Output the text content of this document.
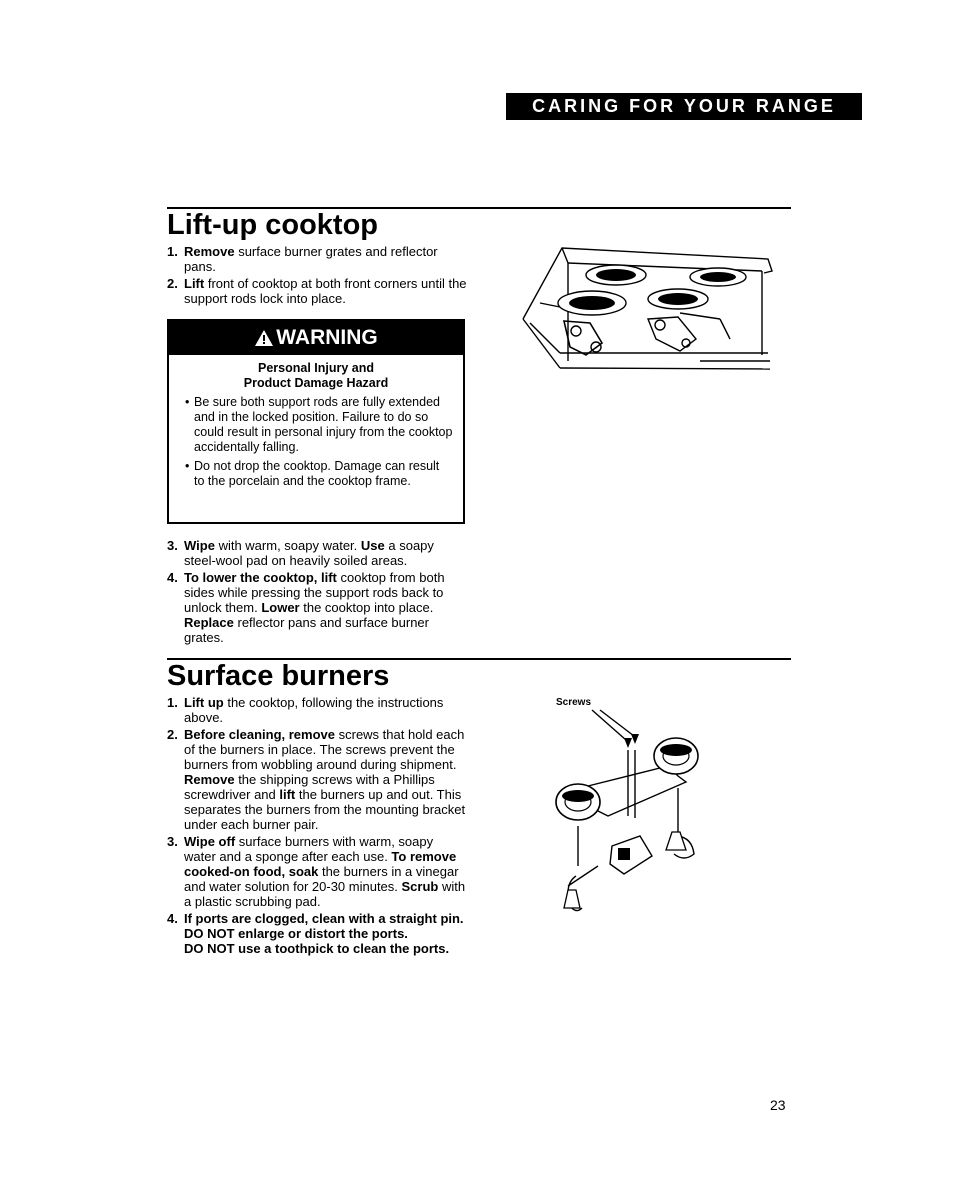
CARING FOR YOUR RANGE
Lift-up cooktop
1. Remove surface burner grates and reflector pans.
2. Lift front of cooktop at both front corners until the support rods lock into place.
WARNING
Personal Injury and
Product Damage Hazard
• Be sure both support rods are fully extended and in the locked position. Failure to do so could result in personal injury from the cooktop accidentally falling.
• Do not drop the cooktop. Damage can result to the porcelain and the cooktop frame.
3. Wipe with warm, soapy water. Use a soapy steel-wool pad on heavily soiled areas.
4. To lower the cooktop, lift cooktop from both sides while pressing the support rods back to unlock them. Lower the cooktop into place. Replace reflector pans and surface burner grates.
Surface burners
1. Lift up the cooktop, following the instructions above.
2. Before cleaning, remove screws that hold each of the burners in place. The screws prevent the burners from wobbling around during shipment. Remove the shipping screws with a Phillips screwdriver and lift the burners up and out. This separates the burners from the mounting bracket under each burner pair.
3. Wipe off surface burners with warm, soapy water and a sponge after each use. To remove cooked-on food, soak the burners in a vinegar and water solution for 20-30 minutes. Scrub with a plastic scrubbing pad.
4. If ports are clogged, clean with a straight pin. DO NOT enlarge or distort the ports.
DO NOT use a toothpick to clean the ports.
Screws
23
